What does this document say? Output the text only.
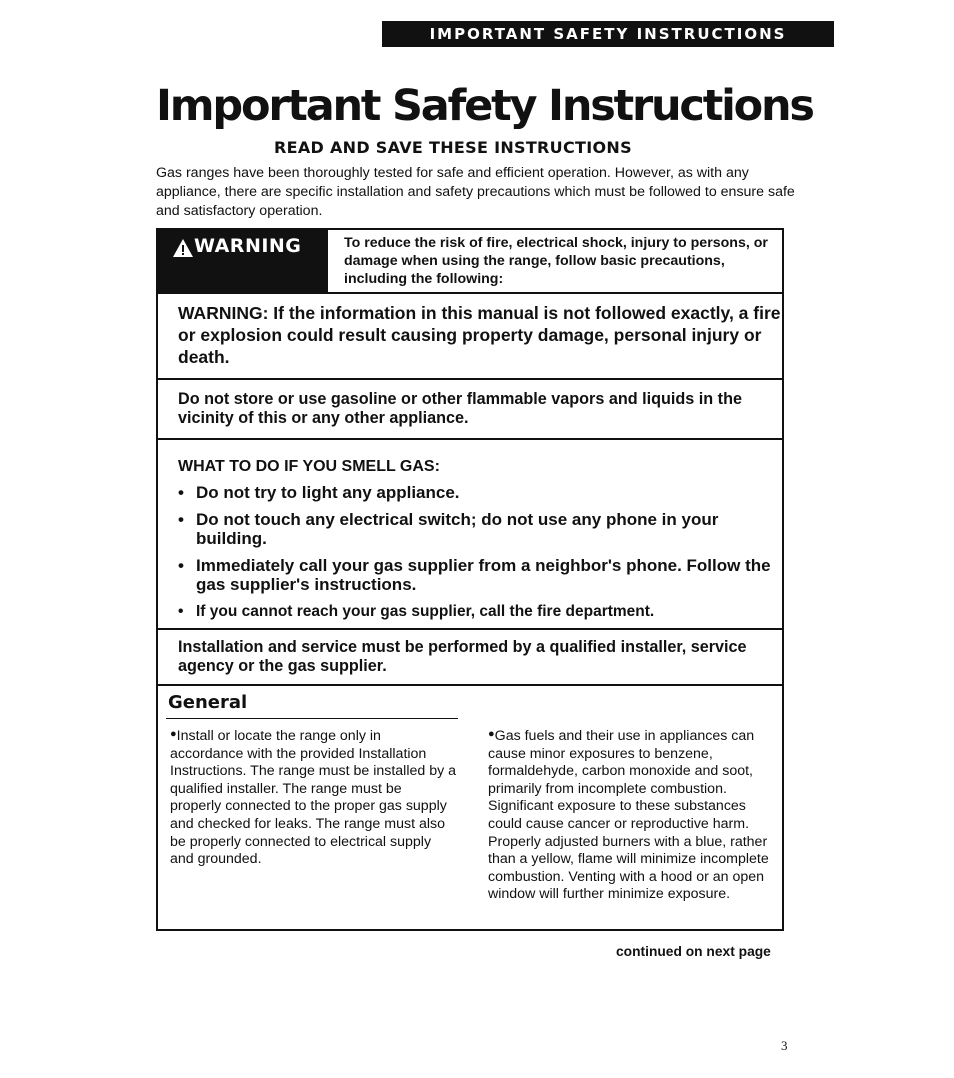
IMPORTANT SAFETY INSTRUCTIONS
Important Safety Instructions
READ AND SAVE THESE INSTRUCTIONS

Gas ranges have been thoroughly tested for safe and efficient operation. However, as with any appliance, there are specific installation and safety precautions which must be followed to ensure safe and satisfactory operation.

WARNING	To reduce the risk of fire, electrical shock, injury to persons, or damage when using the range, follow basic precautions, including the following:

WARNING: If the information in this manual is not followed exactly, a fire or explosion could result causing property damage, personal injury or death.

Do not store or use gasoline or other flammable vapors and liquids in the vicinity of this or any other appliance.

WHAT TO DO IF YOU SMELL GAS:

• Do not try to light any appliance.
• Do not touch any electrical switch; do not use any phone in your building.
• Immediately call your gas supplier from a neighbor's phone. Follow the gas supplier's instructions.
• If you cannot reach your gas supplier, call the fire department.

Installation and service must be performed by a qualified installer, service agency or the gas supplier.

General

●Install or locate the range only in accordance with the provided Installation Instructions. The range must be installed by a qualified installer. The range must be properly connected to the proper gas supply and checked for leaks. The range must also be properly connected to electrical supply and grounded.

●Gas fuels and their use in appliances can cause minor exposures to benzene, formaldehyde, carbon monoxide and soot, primarily from incomplete combustion. Significant exposure to these substances could cause cancer or reproductive harm. Properly adjusted burners with a blue, rather than a yellow, flame will minimize incomplete combustion. Venting with a hood or an open window will further minimize exposure.

continued on next page
3
